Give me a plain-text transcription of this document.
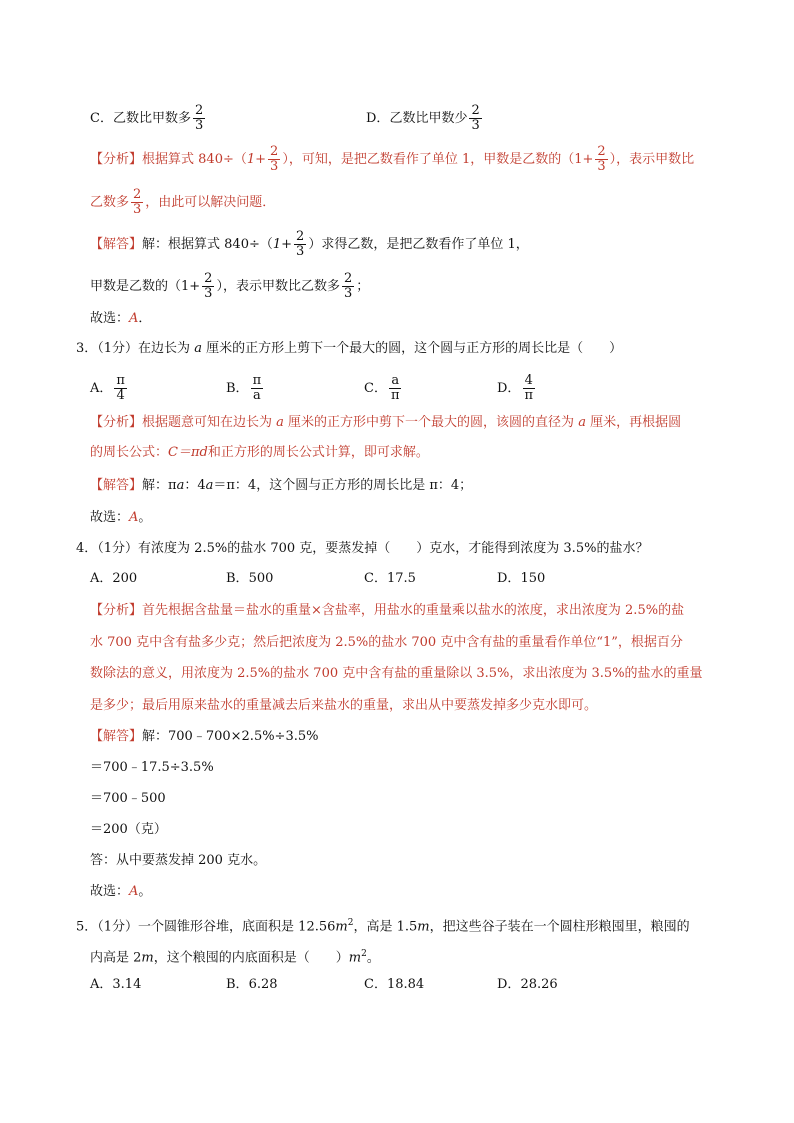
C．乙数比甲数多 $\frac{2}{3}$	D．乙数比甲数少 $\frac{2}{3}$
【分析】根据算式 $840\div(1+ \frac{2}{3}$ ），可知，是把乙数看作了单位 1，甲数是乙数的（$1+ \frac{2}{3}$ ），表示甲数比
乙数多 $\frac{2}{3}$ ，由此可以解决问题．
【解答】解：根据算式 $840\div(1+ \frac{2}{3}$ ）求得乙数，是把乙数看作了单位 1，
甲数是乙数的（$1+ \frac{2}{3}$ ），表示甲数比乙数多 $\frac{2}{3}$ ；
故选：A．
3．（1分）在边长为 a 厘米的正方形上剪下一个最大的圆，这个圆与正方形的周长比是（　　）
A． $\frac{\pi}{4}$	B． $\frac{\pi}{a}$	C． $\frac{a}{\pi}$	D． $\frac{4}{\pi}$
【分析】根据题意可知在边长为 a 厘米的正方形中剪下一个最大的圆，该圆的直径为 a 厘米，再根据圆
的周长公式：C＝πd和正方形的周长公式计算，即可求解。
【解答】解：πa：4a＝π：4，这个圆与正方形的周长比是 π：4；
故选：A。
4．（1分）有浓度为 2.5%的盐水 700 克，要蒸发掉（　　）克水，才能得到浓度为 3.5%的盐水？
A．200	B．500	C．17.5	D．150
【分析】首先根据含盐量＝盐水的重量×含盐率，用盐水的重量乘以盐水的浓度，求出浓度为 2.5%的盐
水 700 克中含有盐多少克；然后把浓度为 2.5%的盐水 700 克中含有盐的重量看作单位“1”，根据百分
数除法的意义，用浓度为 2.5%的盐水 700 克中含有盐的重量除以 3.5%，求出浓度为 3.5%的盐水的重量
是多少；最后用原来盐水的重量减去后来盐水的重量，求出从中要蒸发掉多少克水即可。
【解答】解：700﹣700×2.5%÷3.5%
＝700﹣17.5÷3.5%
＝700﹣500
＝200（克）
答：从中要蒸发掉 200 克水。
故选：A。
5．（1分）一个圆锥形谷堆，底面积是 $12.56m^2$，高是 1.5m，把这些谷子装在一个圆柱形粮囤里，粮囤的
内高是 2m，这个粮囤的内底面积是（　　）$m^2$。
A．3.14	B．6.28	C．18.84	D．28.26
